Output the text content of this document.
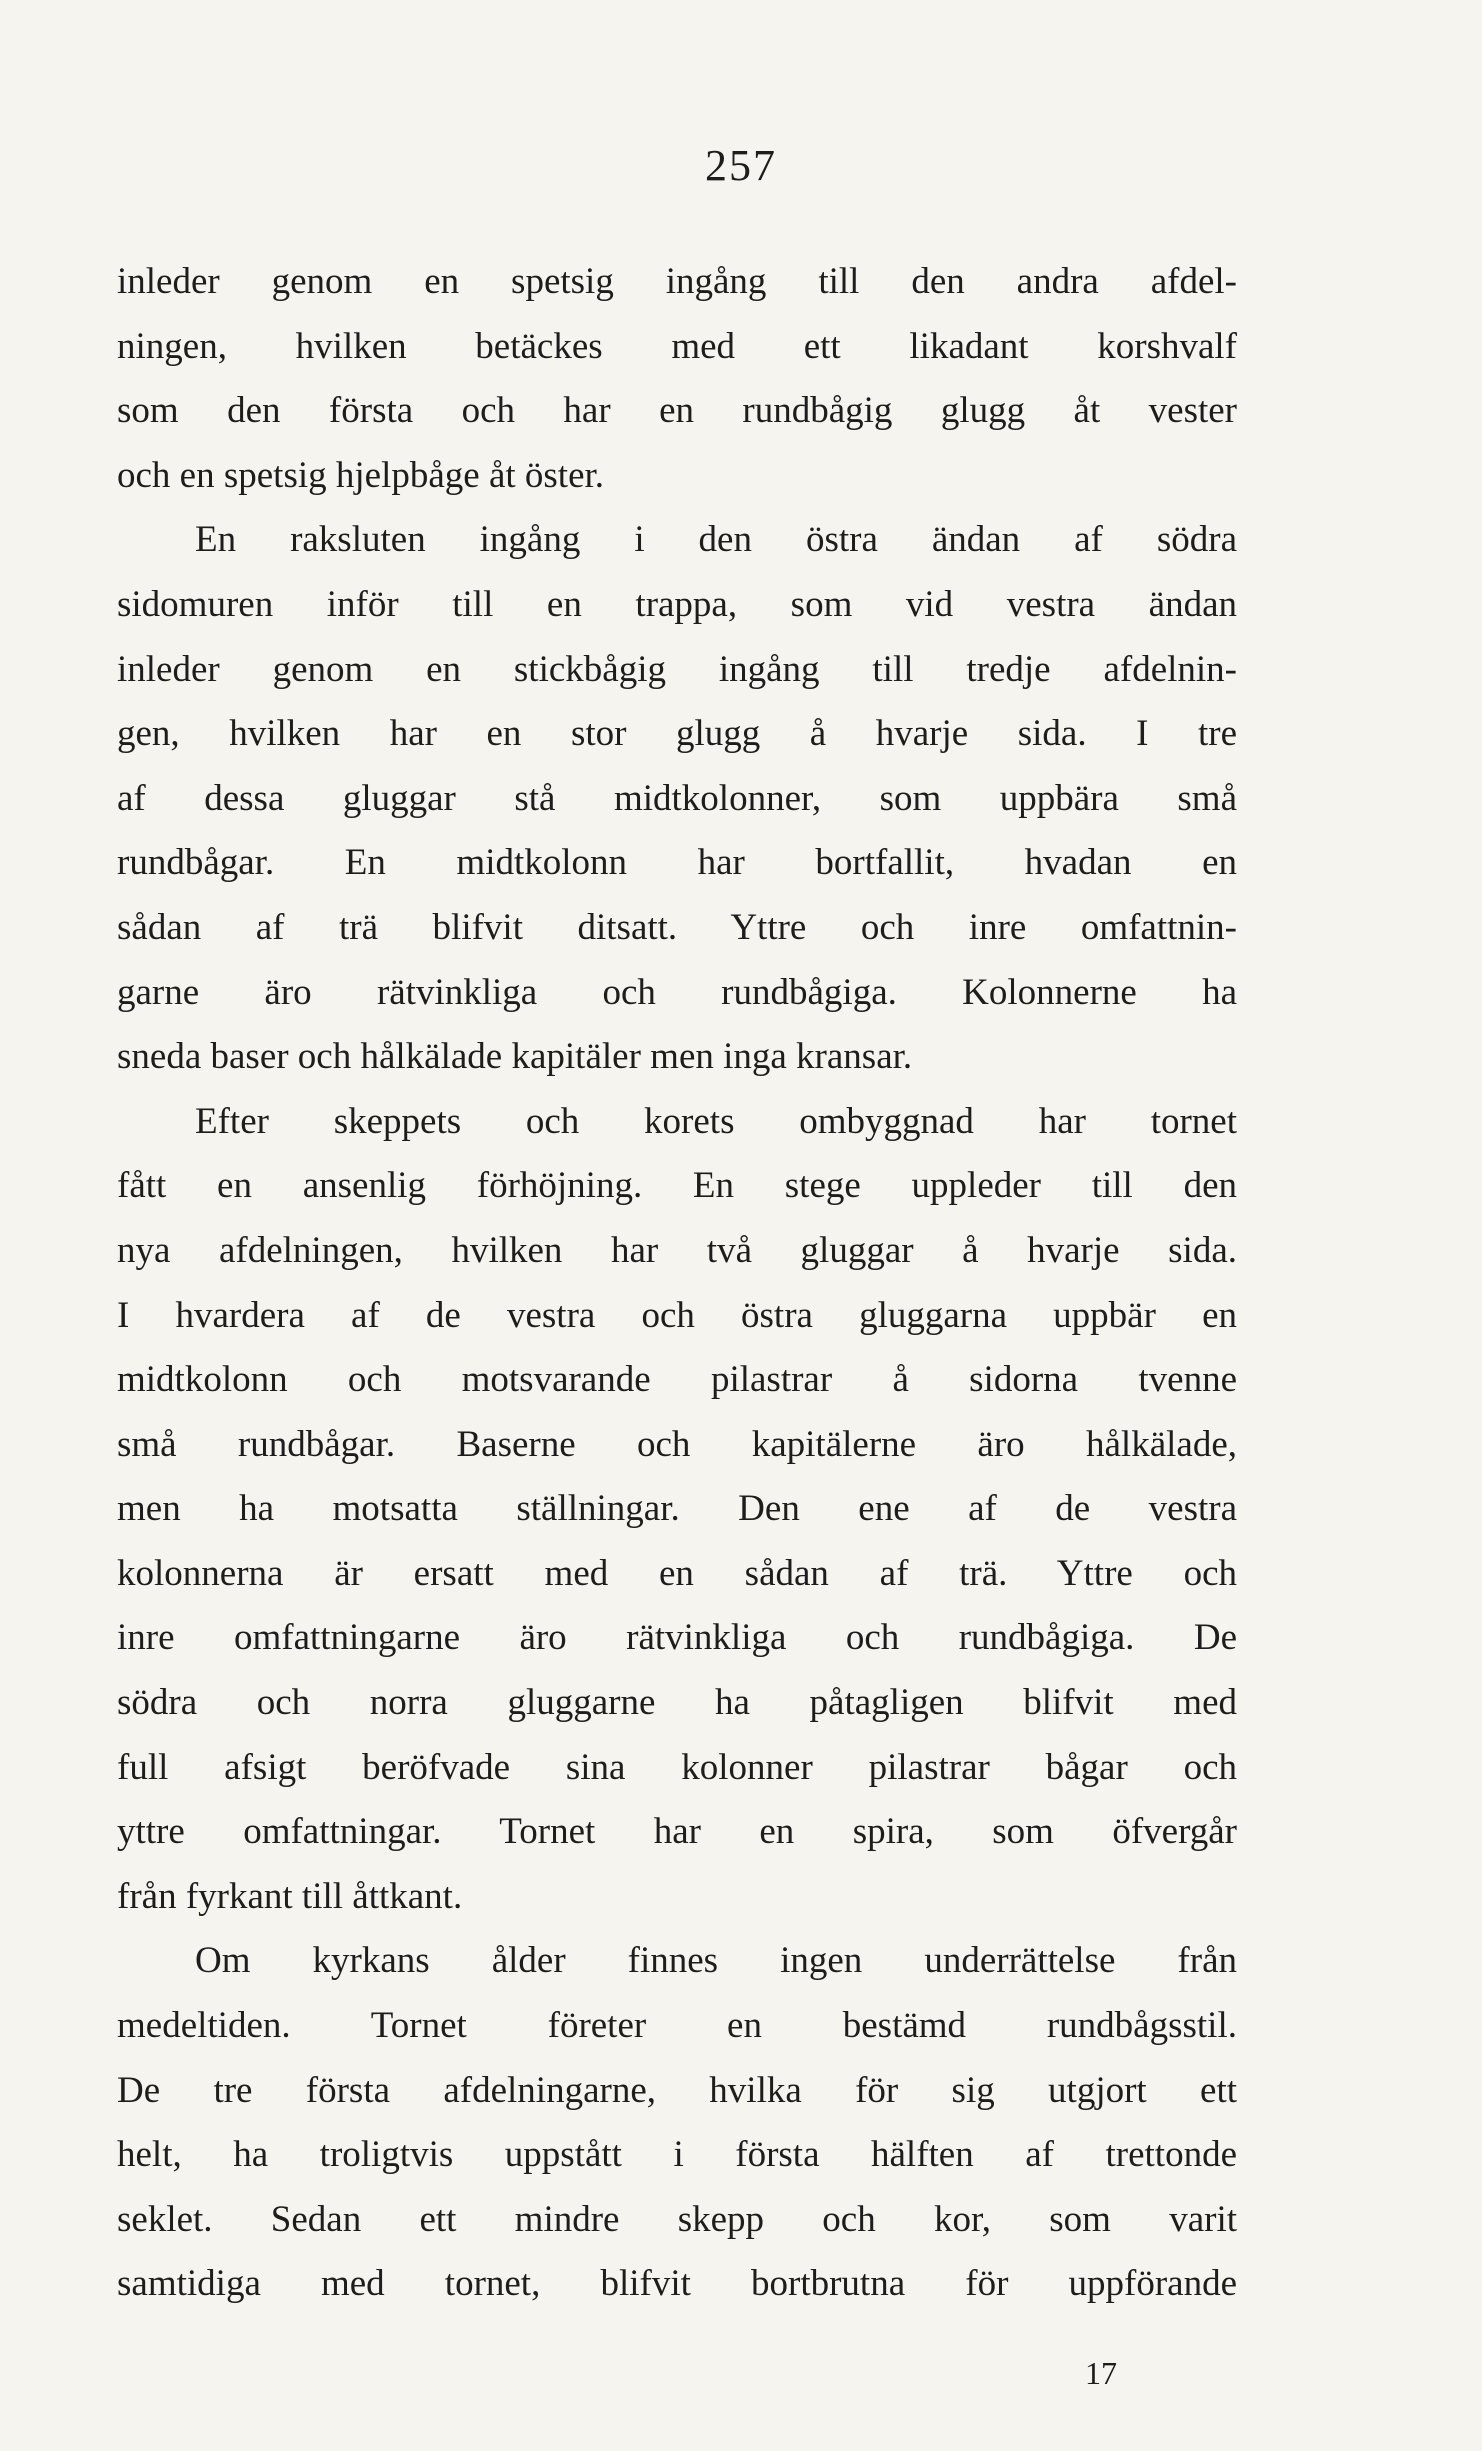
257
inleder genom en spetsig ingång till den andra afdel-
ningen, hvilken betäckes med ett likadant korshvalf
som den första och har en rundbågig glugg åt vester
och en spetsig hjelpbåge åt öster.
En raksluten ingång i den östra ändan af södra
sidomuren inför till en trappa, som vid vestra ändan
inleder genom en stickbågig ingång till tredje afdelnin-
gen, hvilken har en stor glugg å hvarje sida. I tre
af dessa gluggar stå midtkolonner, som uppbära små
rundbågar. En midtkolonn har bortfallit, hvadan en
sådan af trä blifvit ditsatt. Yttre och inre omfattnin-
garne äro rätvinkliga och rundbågiga. Kolonnerne ha
sneda baser och hålkälade kapitäler men inga kransar.
Efter skeppets och korets ombyggnad har tornet
fått en ansenlig förhöjning. En stege uppleder till den
nya afdelningen, hvilken har två gluggar å hvarje sida.
I hvardera af de vestra och östra gluggarna uppbär en
midtkolonn och motsvarande pilastrar å sidorna tvenne
små rundbågar. Baserne och kapitälerne äro hålkälade,
men ha motsatta ställningar. Den ene af de vestra
kolonnerna är ersatt med en sådan af trä. Yttre och
inre omfattningarne äro rätvinkliga och rundbågiga. De
södra och norra gluggarne ha påtagligen blifvit med
full afsigt beröfvade sina kolonner pilastrar bågar och
yttre omfattningar. Tornet har en spira, som öfvergår
från fyrkant till åttkant.
Om kyrkans ålder finnes ingen underrättelse från
medeltiden. Tornet företer en bestämd rundbågsstil.
De tre första afdelningarne, hvilka för sig utgjort ett
helt, ha troligtvis uppstått i första hälften af trettonde
seklet. Sedan ett mindre skepp och kor, som varit
samtidiga med tornet, blifvit bortbrutna för uppförande
17
